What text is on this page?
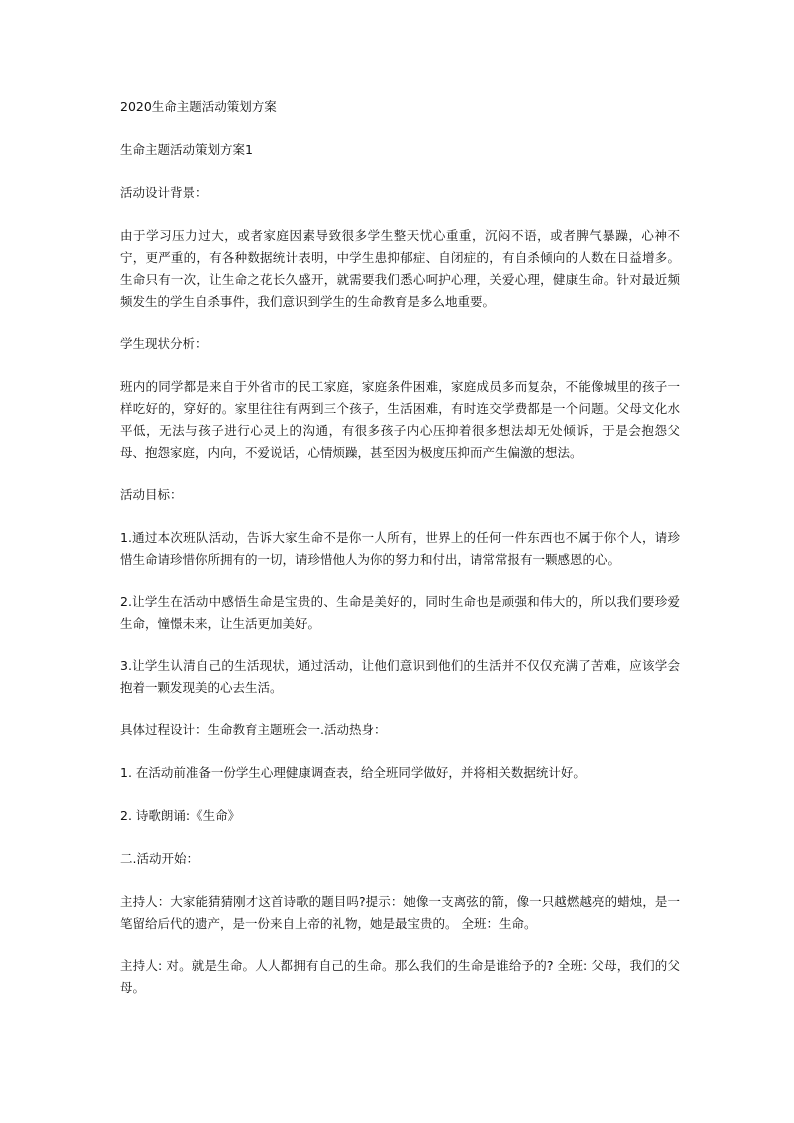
2020生命主题活动策划方案
生命主题活动策划方案1
活动设计背景：
由于学习压力过大，或者家庭因素导致很多学生整天忧心重重，沉闷不语，或者脾气暴躁，心神不宁，更严重的，有各种数据统计表明，中学生患抑郁症、自闭症的，有自杀倾向的人数在日益增多。生命只有一次，让生命之花长久盛开，就需要我们悉心呵护心理，关爱心理，健康生命。针对最近频频发生的学生自杀事件，我们意识到学生的生命教育是多么地重要。
学生现状分析：
班内的同学都是来自于外省市的民工家庭，家庭条件困难，家庭成员多而复杂，不能像城里的孩子一样吃好的，穿好的。家里往往有两到三个孩子，生活困难，有时连交学费都是一个问题。父母文化水平低，无法与孩子进行心灵上的沟通，有很多孩子内心压抑着很多想法却无处倾诉，于是会抱怨父母、抱怨家庭，内向，不爱说话，心情烦躁，甚至因为极度压抑而产生偏激的想法。
活动目标：
1.通过本次班队活动，告诉大家生命不是你一人所有，世界上的任何一件东西也不属于你个人，请珍惜生命请珍惜你所拥有的一切，请珍惜他人为你的努力和付出，请常常报有一颗感恩的心。
2.让学生在活动中感悟生命是宝贵的、生命是美好的，同时生命也是顽强和伟大的，所以我们要珍爱生命，憧憬未来，让生活更加美好。
3.让学生认清自己的生活现状，通过活动，让他们意识到他们的生活并不仅仅充满了苦难，应该学会抱着一颗发现美的心去生活。
具体过程设计：生命教育主题班会一.活动热身：
1. 在活动前准备一份学生心理健康调查表，给全班同学做好，并将相关数据统计好。
2. 诗歌朗诵:《生命》
二.活动开始：
主持人：大家能猜猜刚才这首诗歌的题目吗?提示：她像一支离弦的箭，像一只越燃越亮的蜡烛，是一笔留给后代的遗产，是一份来自上帝的礼物，她是最宝贵的。 全班：生命。
主持人: 对。就是生命。人人都拥有自己的生命。那么我们的生命是谁给予的? 全班: 父母，我们的父母。
